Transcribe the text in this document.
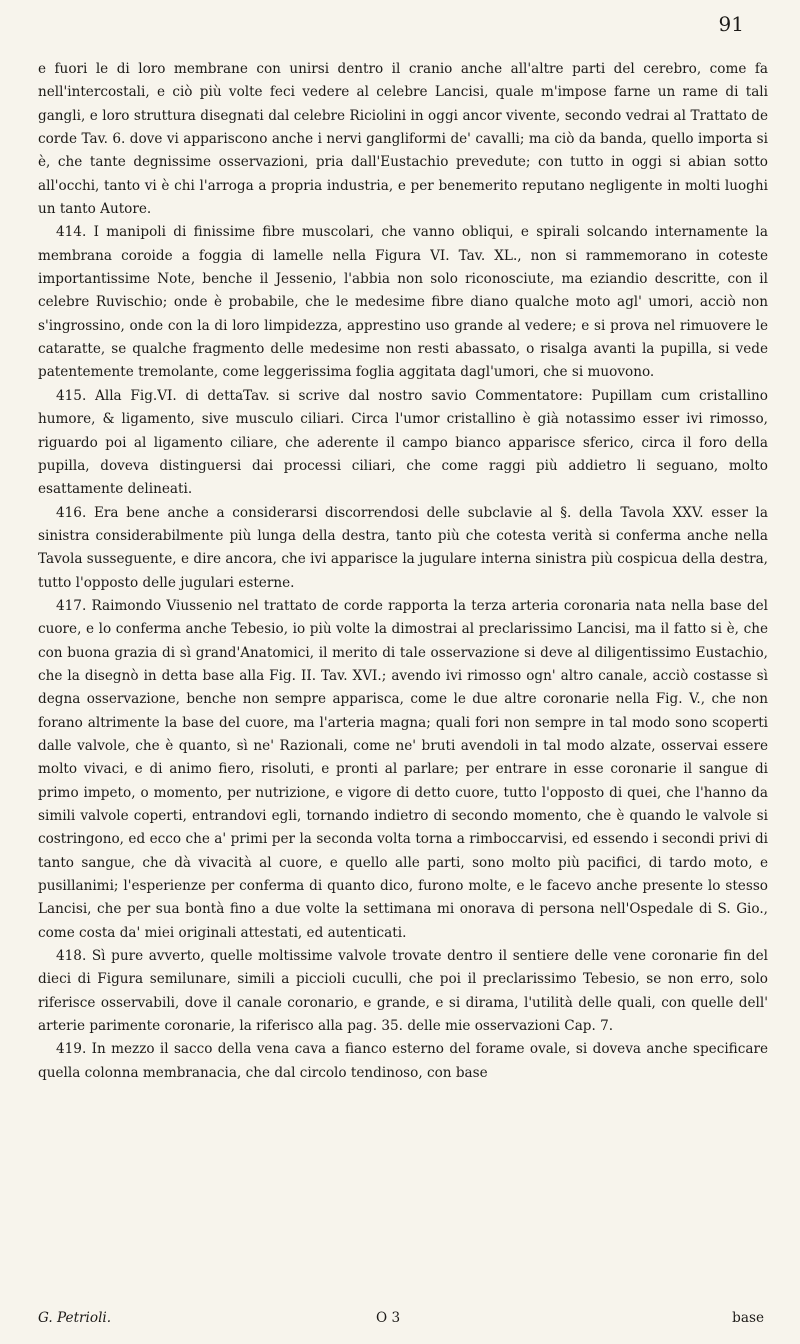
91

e fuori le di loro membrane con unirsi dentro il cranio anche all'altre parti del cerebro, come fa nell'intercostali, e ciò più volte feci vedere al celebre Lancisi, quale m'impose farne un rame di tali gangli, e loro struttura disegnati dal celebre Riciolini in oggi ancor vivente, secondo vedrai al Trattato de corde Tav. 6. dove vi appariscono anche i nervi gangliformi de' cavalli; ma ciò da banda, quello importa si è, che tante degnissime osservazioni, pria dall'Eustachio prevedute; con tutto in oggi si abian sotto all'occhi, tanto vi è chi l'arroga a propria industria, e per benemerito reputano negligente in molti luoghi un tanto Autore.

414. I manipoli di finissime fibre muscolari, che vanno obliqui, e spirali solcando internamente la membrana coroide a foggia di lamelle nella Figura VI. Tav. XL., non si rammemorano in coteste importantissime Note, benche il Jessenio, l'abbia non solo riconosciute, ma eziandio descritte, con il celebre Ruvischio; onde è probabile, che le medesime fibre diano qualche moto agl' umori, acciò non s'ingrossino, onde con la di loro limpidezza, apprestino uso grande al vedere; e si prova nel rimuovere le cataratte, se qualche fragmento delle medesime non resti abassato, o risalga avanti la pupilla, si vede patentemente tremolante, come leggerissima foglia aggitata dagl'umori, che si muovono.

415. Alla Fig.VI. di dettaTav. si scrive dal nostro savio Commentatore: Pupillam cum cristallino humore, & ligamento, sive musculo ciliari. Circa l'umor cristallino è già notassimo esser ivi rimosso, riguardo poi al ligamento ciliare, che aderente il campo bianco apparisce sferico, circa il foro della pupilla, doveva distinguersi dai processi ciliari, che come raggi più addietro li seguano, molto esattamente delineati.

416. Era bene anche a considerarsi discorrendosi delle subclavie al §. della Tavola XXV. esser la sinistra considerabilmente più lunga della destra, tanto più che cotesta verità si conferma anche nella Tavola susseguente, e dire ancora, che ivi apparisce la jugulare interna sinistra più cospicua della destra, tutto l'opposto delle jugulari esterne.

417. Raimondo Viussenio nel trattato de corde rapporta la terza arteria coronaria nata nella base del cuore, e lo conferma anche Tebesio, io più volte la dimostrai al preclarissimo Lancisi, ma il fatto si è, che con buona grazia di sì grand'Anatomici, il merito di tale osservazione si deve al diligentissimo Eustachio, che la disegnò in detta base alla Fig. II. Tav. XVI.; avendo ivi rimosso ogn' altro canale, acciò costasse sì degna osservazione, benche non sempre apparisca, come le due altre coronarie nella Fig. V., che non forano altrimente la base del cuore, ma l'arteria magna; quali fori non sempre in tal modo sono scoperti dalle valvole, che è quanto, sì ne' Razionali, come ne' bruti avendoli in tal modo alzate, osservai essere molto vivaci, e di animo fiero, risoluti, e pronti al parlare; per entrare in esse coronarie il sangue di primo impeto, o momento, per nutrizione, e vigore di detto cuore, tutto l'opposto di quei, che l'hanno da simili valvole coperti, entrandovi egli, tornando indietro di secondo momento, che è quando le valvole si costringono, ed ecco che a' primi per la seconda volta torna a rimboccarvisi, ed essendo i secondi privi di tanto sangue, che dà vivacità al cuore, e quello alle parti, sono molto più pacifici, di tardo moto, e pusillanimi; l'esperienze per conferma di quanto dico, furono molte, e le facevo anche presente lo stesso Lancisi, che per sua bontà fino a due volte la settimana mi onorava di persona nell'Ospedale di S. Gio., come costa da' miei originali attestati, ed autenticati.

418. Sì pure avverto, quelle moltissime valvole trovate dentro il sentiere delle vene coronarie fin del dieci di Figura semilunare, simili a piccioli cuculli, che poi il preclarissimo Tebesio, se non erro, solo riferisce osservabili, dove il canale coronario, e grande, e si dirama, l'utilità delle quali, con quelle dell' arterie parimente coronarie, la riferisco alla pag. 35. delle mie osservazioni Cap. 7.

419. In mezzo il sacco della vena cava a fianco esterno del forame ovale, si doveva anche specificare quella colonna membranacia, che dal circolo tendinoso, con base

G. Petrioli.	O 3	base
